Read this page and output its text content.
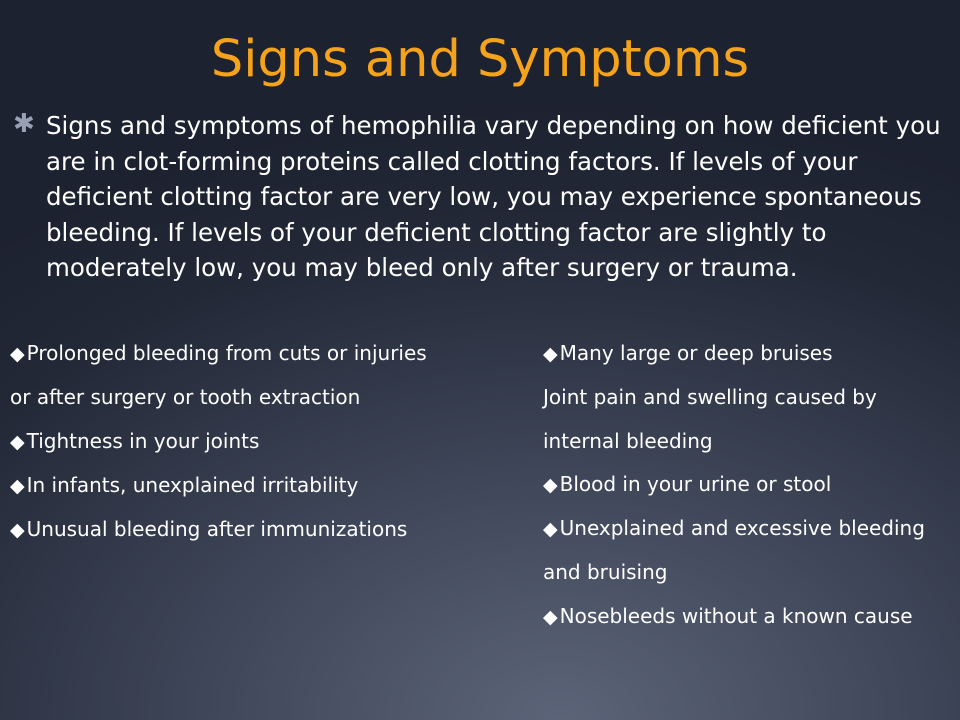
Signs and Symptoms
✱ Signs and symptoms of hemophilia vary depending on how deficient you are in clot-forming proteins called clotting factors. If levels of your deficient clotting factor are very low, you may experience spontaneous bleeding. If levels of your deficient clotting factor are slightly to moderately low, you may bleed only after surgery or trauma.

◆ Prolonged bleeding from cuts or injuries or after surgery or tooth extraction
◆ Tightness in your joints
◆ In infants, unexplained irritability
◆ Unusual bleeding after immunizations
◆ Many large or deep bruises
Joint pain and swelling caused by internal bleeding
◆ Blood in your urine or stool
◆ Unexplained and excessive bleeding and bruising
◆ Nosebleeds without a known cause
